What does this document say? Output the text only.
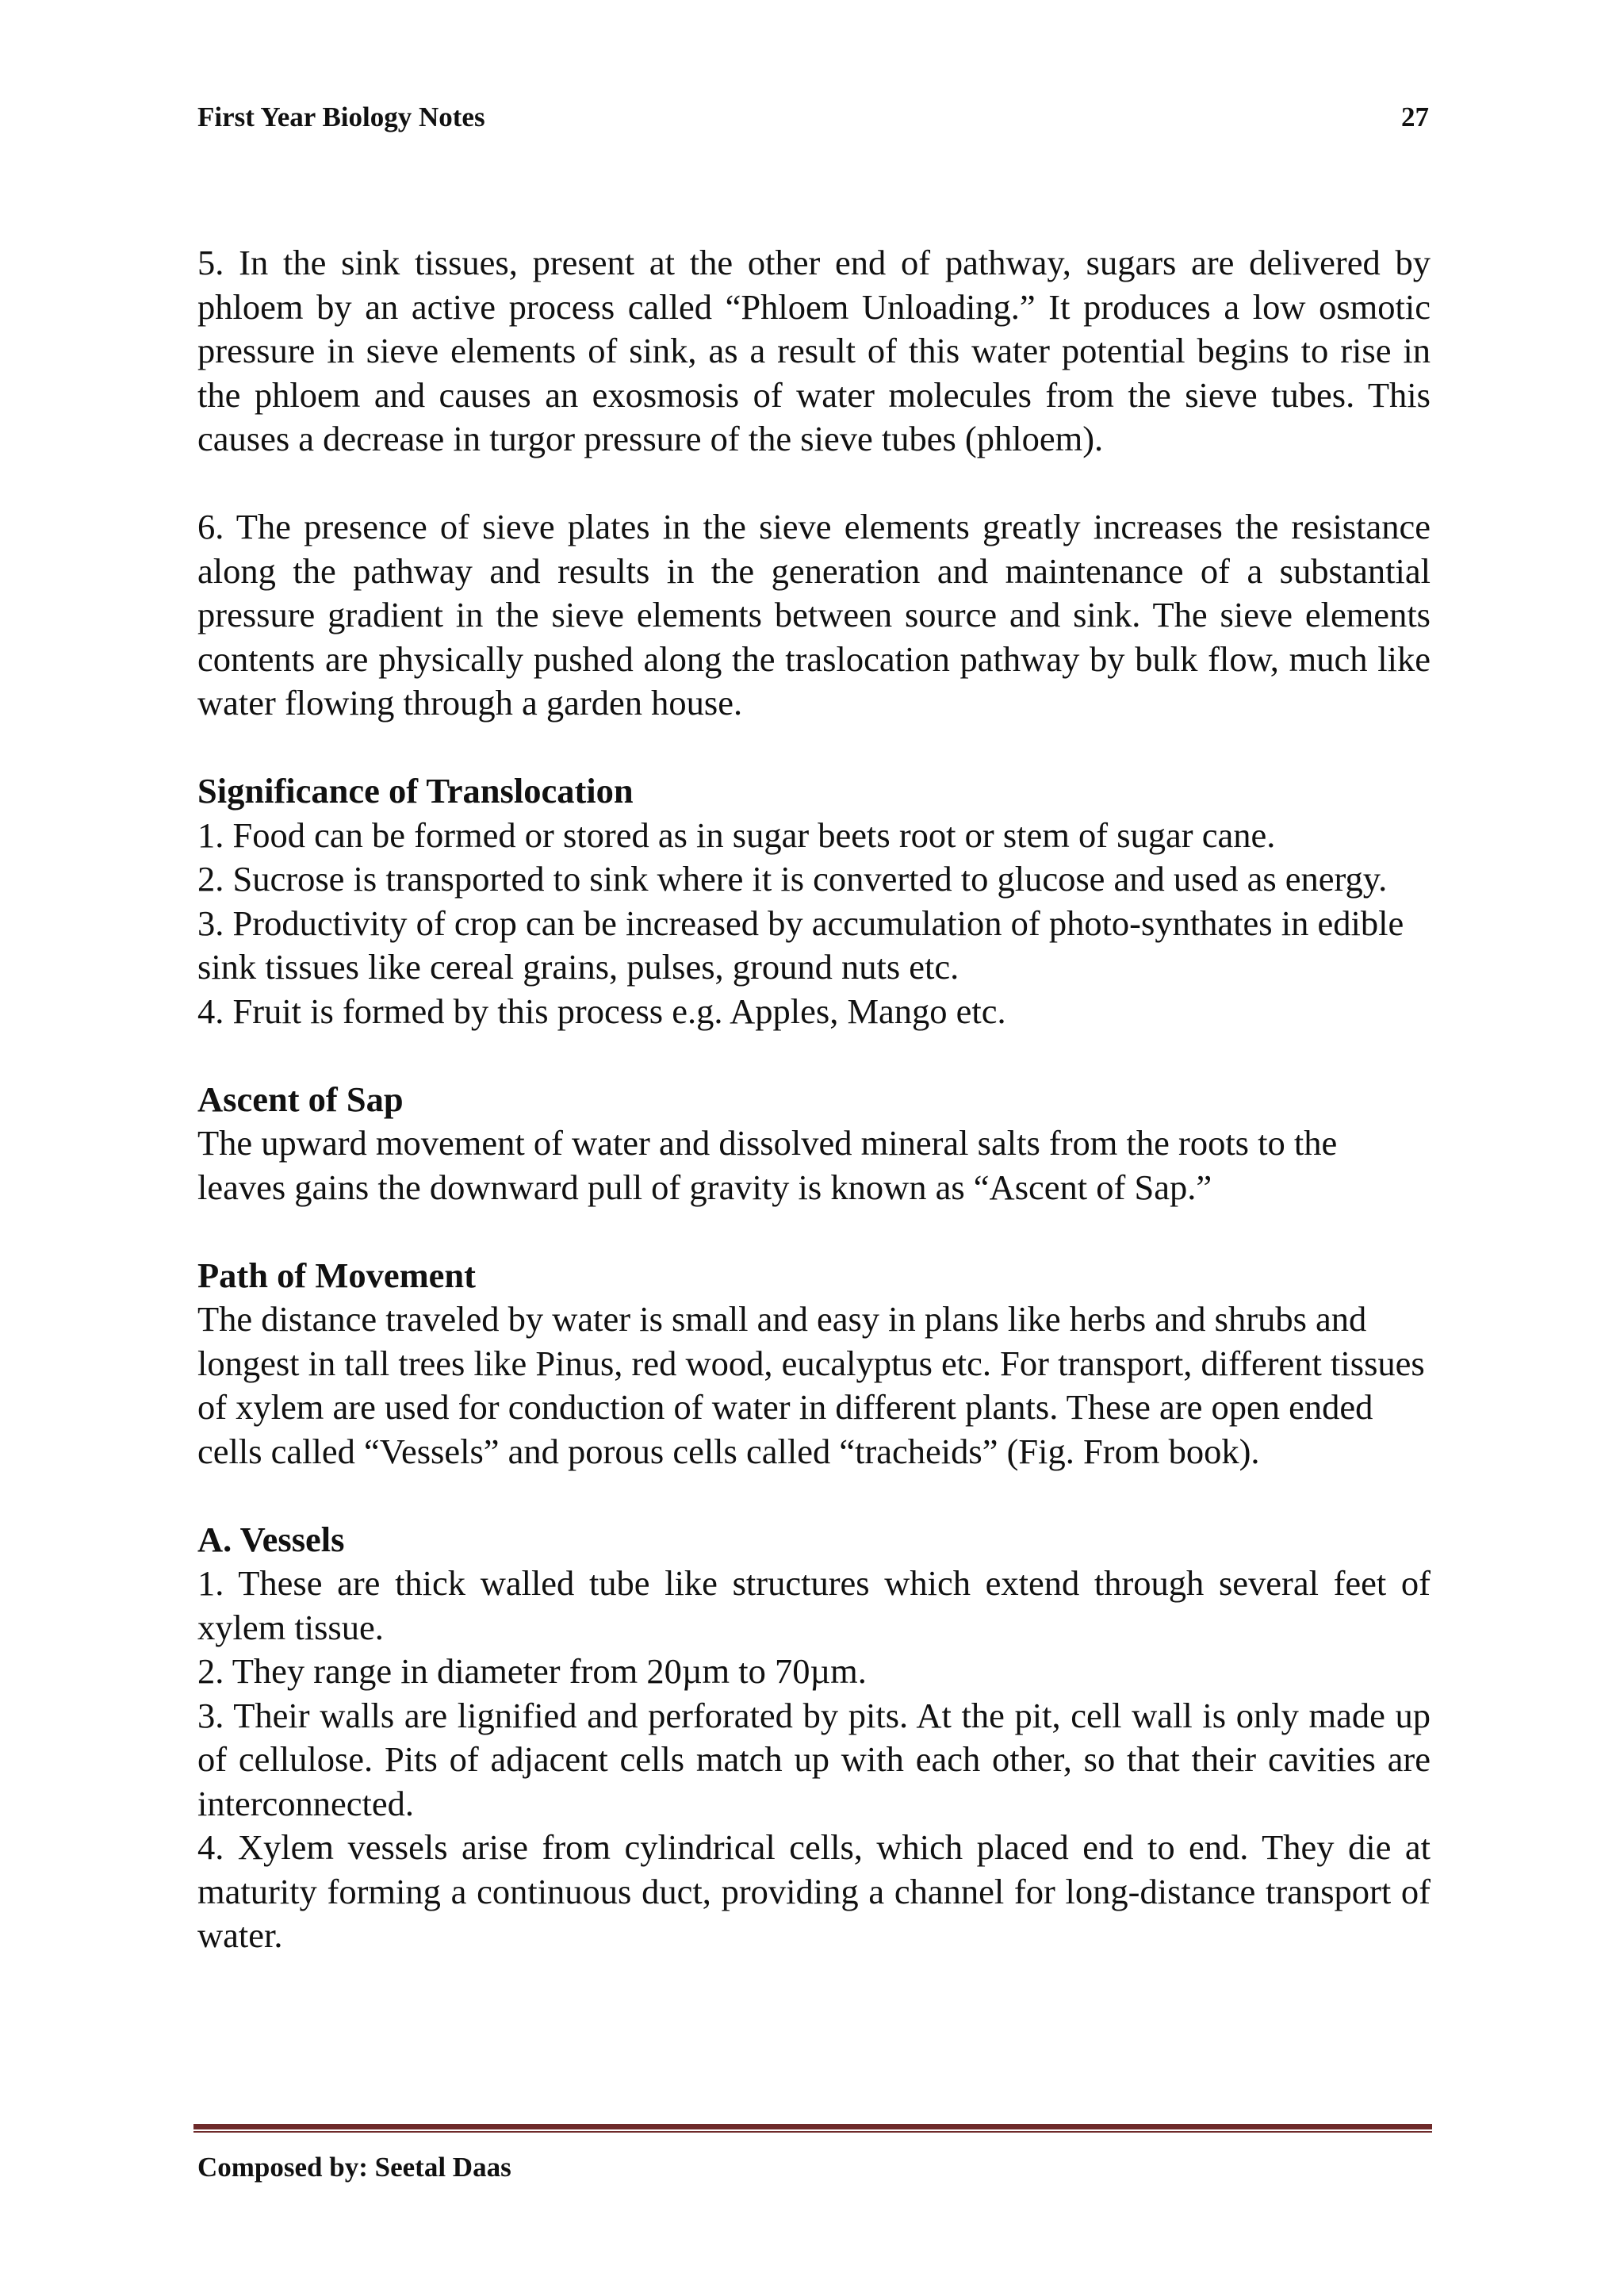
First Year Biology Notes	27

5. In the sink tissues, present at the other end of pathway, sugars are delivered by phloem by an active process called “Phloem Unloading.” It produces a low osmotic pressure in sieve elements of sink, as a result of this water potential begins to rise in the phloem and causes an exosmosis of water molecules from the sieve tubes. This causes a decrease in turgor pressure of the sieve tubes (phloem).

6. The presence of sieve plates in the sieve elements greatly increases the resistance along the pathway and results in the generation and maintenance of a substantial pressure gradient in the sieve elements between source and sink. The sieve elements contents are physically pushed along the traslocation pathway by bulk flow, much like water flowing through a garden house.

Significance of Translocation

1. Food can be formed or stored as in sugar beets root or stem of sugar cane.

2. Sucrose is transported to sink where it is converted to glucose and used as energy.

3. Productivity of crop can be increased by accumulation of photo-synthates in edible sink tissues like cereal grains, pulses, ground nuts etc.

4. Fruit is formed by this process e.g. Apples, Mango etc.

Ascent of Sap

The upward movement of water and dissolved mineral salts from the roots to the leaves gains the downward pull of gravity is known as “Ascent of Sap.”

Path of Movement

The distance traveled by water is small and easy in plans like herbs and shrubs and longest in tall trees like Pinus, red wood, eucalyptus etc. For transport, different tissues of xylem are used for conduction of water in different plants. These are open ended cells called “Vessels” and porous cells called “tracheids” (Fig. From book).

A. Vessels

1. These are thick walled tube like structures which extend through several feet of xylem tissue.

2. They range in diameter from 20µm to 70µm.

3. Their walls are lignified and perforated by pits. At the pit, cell wall is only made up of cellulose. Pits of adjacent cells match up with each other, so that their cavities are interconnected.

4. Xylem vessels arise from cylindrical cells, which placed end to end. They die at maturity forming a continuous duct, providing a channel for long-distance transport of water.

Composed by: Seetal Daas
